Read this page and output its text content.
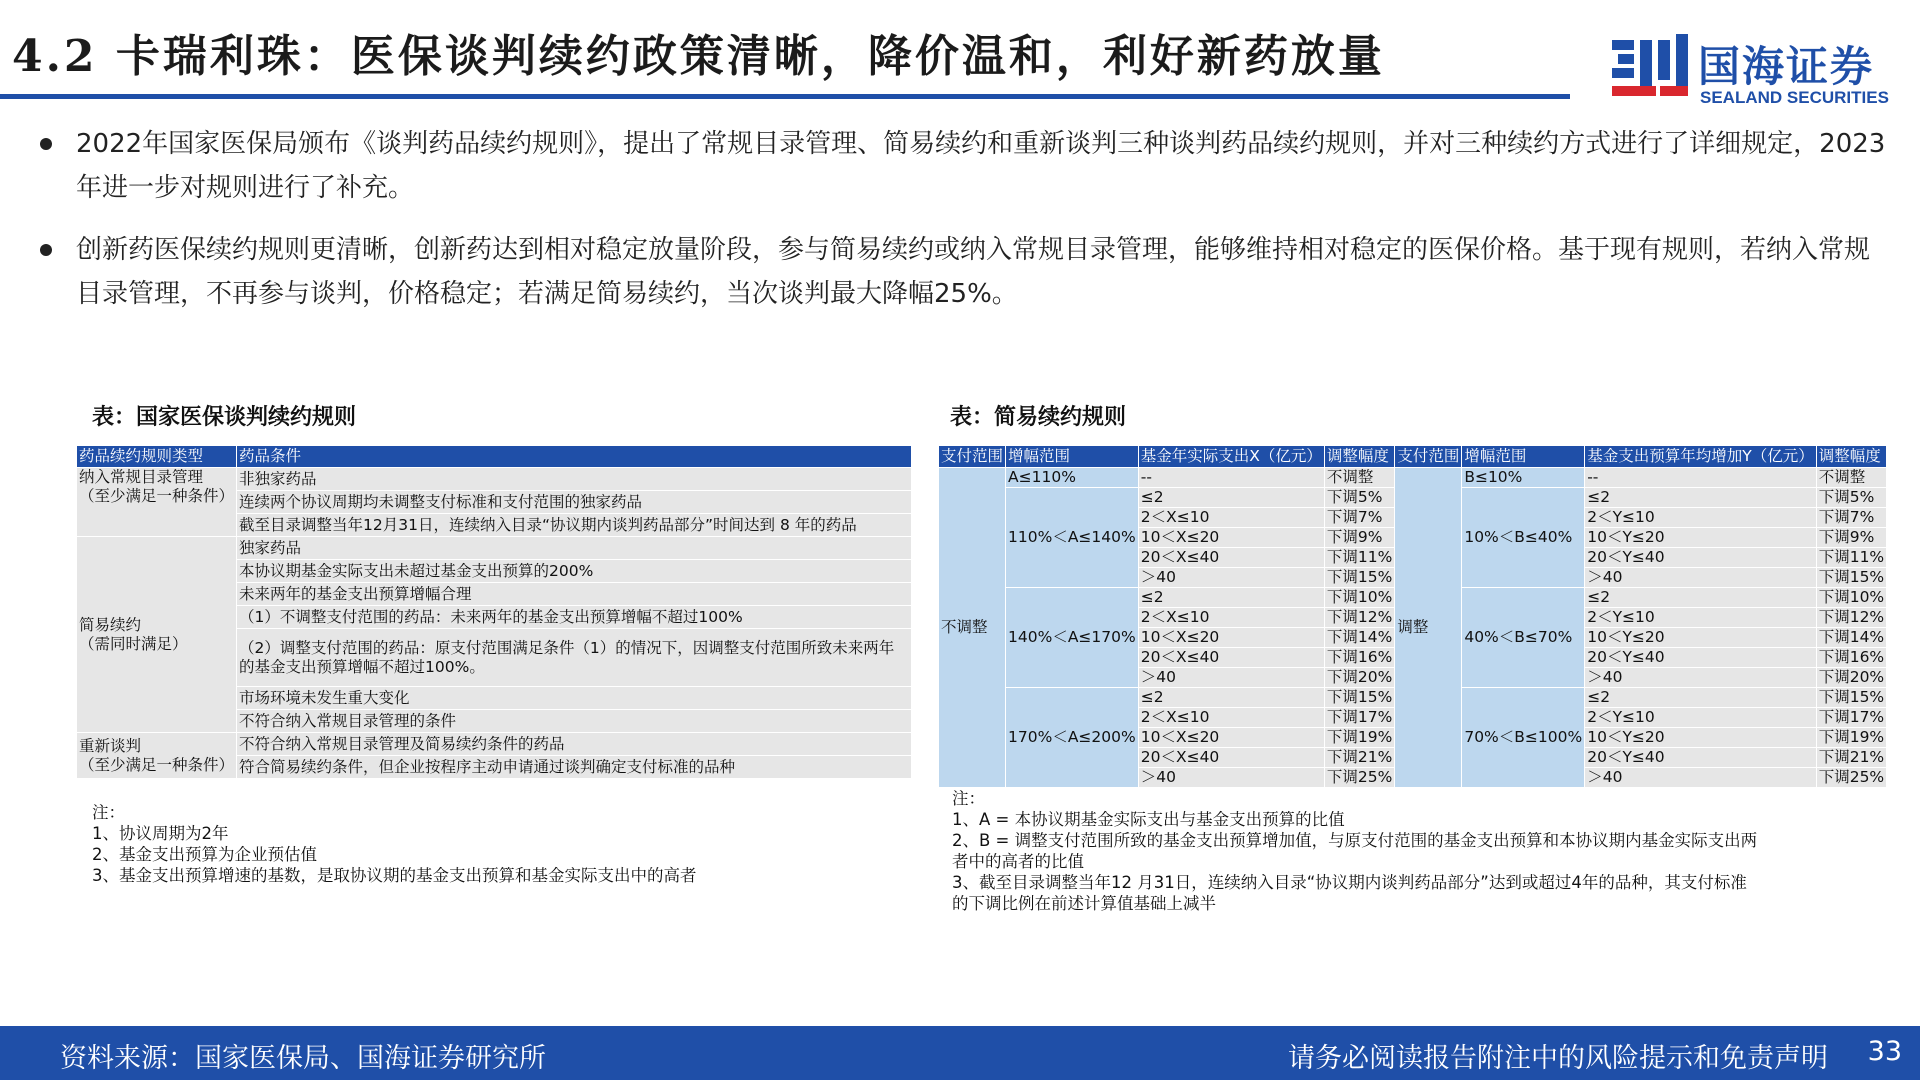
4.2 卡瑞利珠：医保谈判续约政策清晰，降价温和，利好新药放量	国海证券
SEALAND SECURITIES
2022年国家医保局颁布《谈判药品续约规则》，提出了常规目录管理、简易续约和重新谈判三种谈判药品续约规则，并对三种续约方式进行了详细规定，2023年进一步对规则进行了补充。
创新药医保续约规则更清晰，创新药达到相对稳定放量阶段，参与简易续约或纳入常规目录管理，能够维持相对稳定的医保价格。基于现有规则，若纳入常规目录管理，不再参与谈判，价格稳定；若满足简易续约，当次谈判最大降幅25%。
表：国家医保谈判续约规则
药品续约规则类型	药品条件

纳入常规目录管理
（至少满足一种条件）	非独家药品
	连续两个协议周期均未调整支付标准和支付范围的独家药品
	截至目录调整当年12月31日，连续纳入目录“协议期内谈判药品部分”时间达到 8 年的药品

简易续约
（需同时满足）	独家药品
	本协议期基金实际支出未超过基金支出预算的200%
	未来两年的基金支出预算增幅合理
	（1）不调整支付范围的药品：未来两年的基金支出预算增幅不超过100%

	（2）调整支付范围的药品：原支付范围满足条件（1）的情况下，因调整支付范围所致未来两年
的基金支出预算增幅不超过100%。

	市场环境未发生重大变化
	不符合纳入常规目录管理的条件

重新谈判
（至少满足一种条件）	不符合纳入常规目录管理及简易续约条件的药品
	符合简易续约条件，但企业按程序主动申请通过谈判确定支付标准的品种
注：
1、协议周期为2年
2、基金支出预算为企业预估值
3、基金支出预算增速的基数，是取协议期的基金支出预算和基金实际支出中的高者
表：简易续约规则
支付范围	增幅范围	基金年实际支出X（亿元）	调整幅度	支付范围	增幅范围	基金支出预算年均增加Y（亿元）	调整幅度
不调整	A≤110%	--	不调整	调整	B≤10%	--	不调整
	110%＜A≤140%	≤2	下调5%		10%＜B≤40%	≤2	下调5%
		2＜X≤10	下调7%			2＜Y≤10	下调7%
		10＜X≤20	下调9%			10＜Y≤20	下调9%
		20＜X≤40	下调11%			20＜Y≤40	下调11%
		＞40	下调15%			＞40	下调15%
	140%＜A≤170%	≤2	下调10%		40%＜B≤70%	≤2	下调10%
		2＜X≤10	下调12%			2＜Y≤10	下调12%
		10＜X≤20	下调14%			10＜Y≤20	下调14%
		20＜X≤40	下调16%			20＜Y≤40	下调16%
		＞40	下调20%			＞40	下调20%
	170%＜A≤200%	≤2	下调15%		70%＜B≤100%	≤2	下调15%
		2＜X≤10	下调17%			2＜Y≤10	下调17%
		10＜X≤20	下调19%			10＜Y≤20	下调19%
		20＜X≤40	下调21%			20＜Y≤40	下调21%
		＞40	下调25%			＞40	下调25%
注：
1、A = 本协议期基金实际支出与基金支出预算的比值
2、B = 调整支付范围所致的基金支出预算增加值，与原支付范围的基金支出预算和本协议期内基金实际支出两
者中的高者的比值
3、截至目录调整当年12 月31日，连续纳入目录“协议期内谈判药品部分”达到或超过4年的品种，其支付标准
的下调比例在前述计算值基础上减半
资料来源：国家医保局、国海证券研究所	请务必阅读报告附注中的风险提示和免责声明 33
